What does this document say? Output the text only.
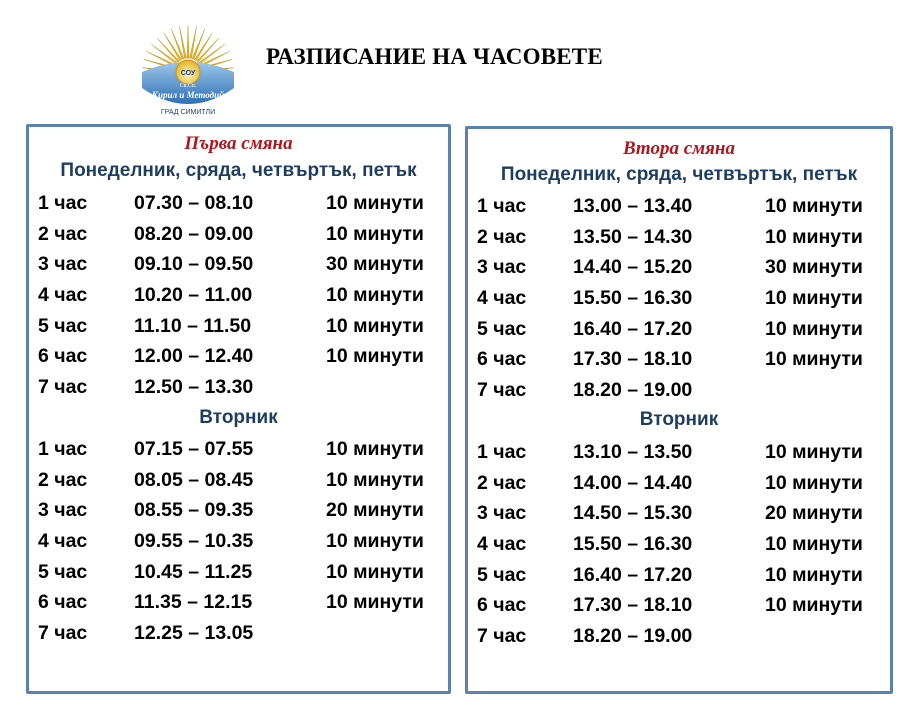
СОУ
Св.Св.
Кирил и Методий
ГРАД СИМИТЛИ
РАЗПИСАНИЕ НА ЧАСОВЕТЕ
Първа смяна
Понеделник, сряда, четвъртък, петък
1 час 07.30 – 08.10	10 минути
2 час 08.20 – 09.00	10 минути
3 час 09.10 – 09.50	30 минути
4 час 10.20 – 11.00	10 минути
5 час 11.10 – 11.50	10 минути
6 час 12.00 – 12.40	10 минути
7 час 12.50 – 13.30
Вторник
1 час 07.15 – 07.55	10 минути
2 час 08.05 – 08.45	10 минути
3 час 08.55 – 09.35	20 минути
4 час 09.55 – 10.35	10 минути
5 час 10.45 – 11.25	10 минути
6 час 11.35 – 12.15	10 минути
7 час 12.25 – 13.05
Втора смяна
Понеделник, сряда, четвъртък, петък
1 час 13.00 – 13.40	10 минути
2 час 13.50 – 14.30	10 минути
3 час 14.40 – 15.20	30 минути
4 час 15.50 – 16.30	10 минути
5 час 16.40 – 17.20	10 минути
6 час 17.30 – 18.10	10 минути
7 час 18.20 – 19.00
Вторник
1 час 13.10 – 13.50	10 минути
2 час 14.00 – 14.40	10 минути
3 час 14.50 – 15.30	20 минути
4 час 15.50 – 16.30	10 минути
5 час 16.40 – 17.20	10 минути
6 час 17.30 – 18.10	10 минути
7 час 18.20 – 19.00
